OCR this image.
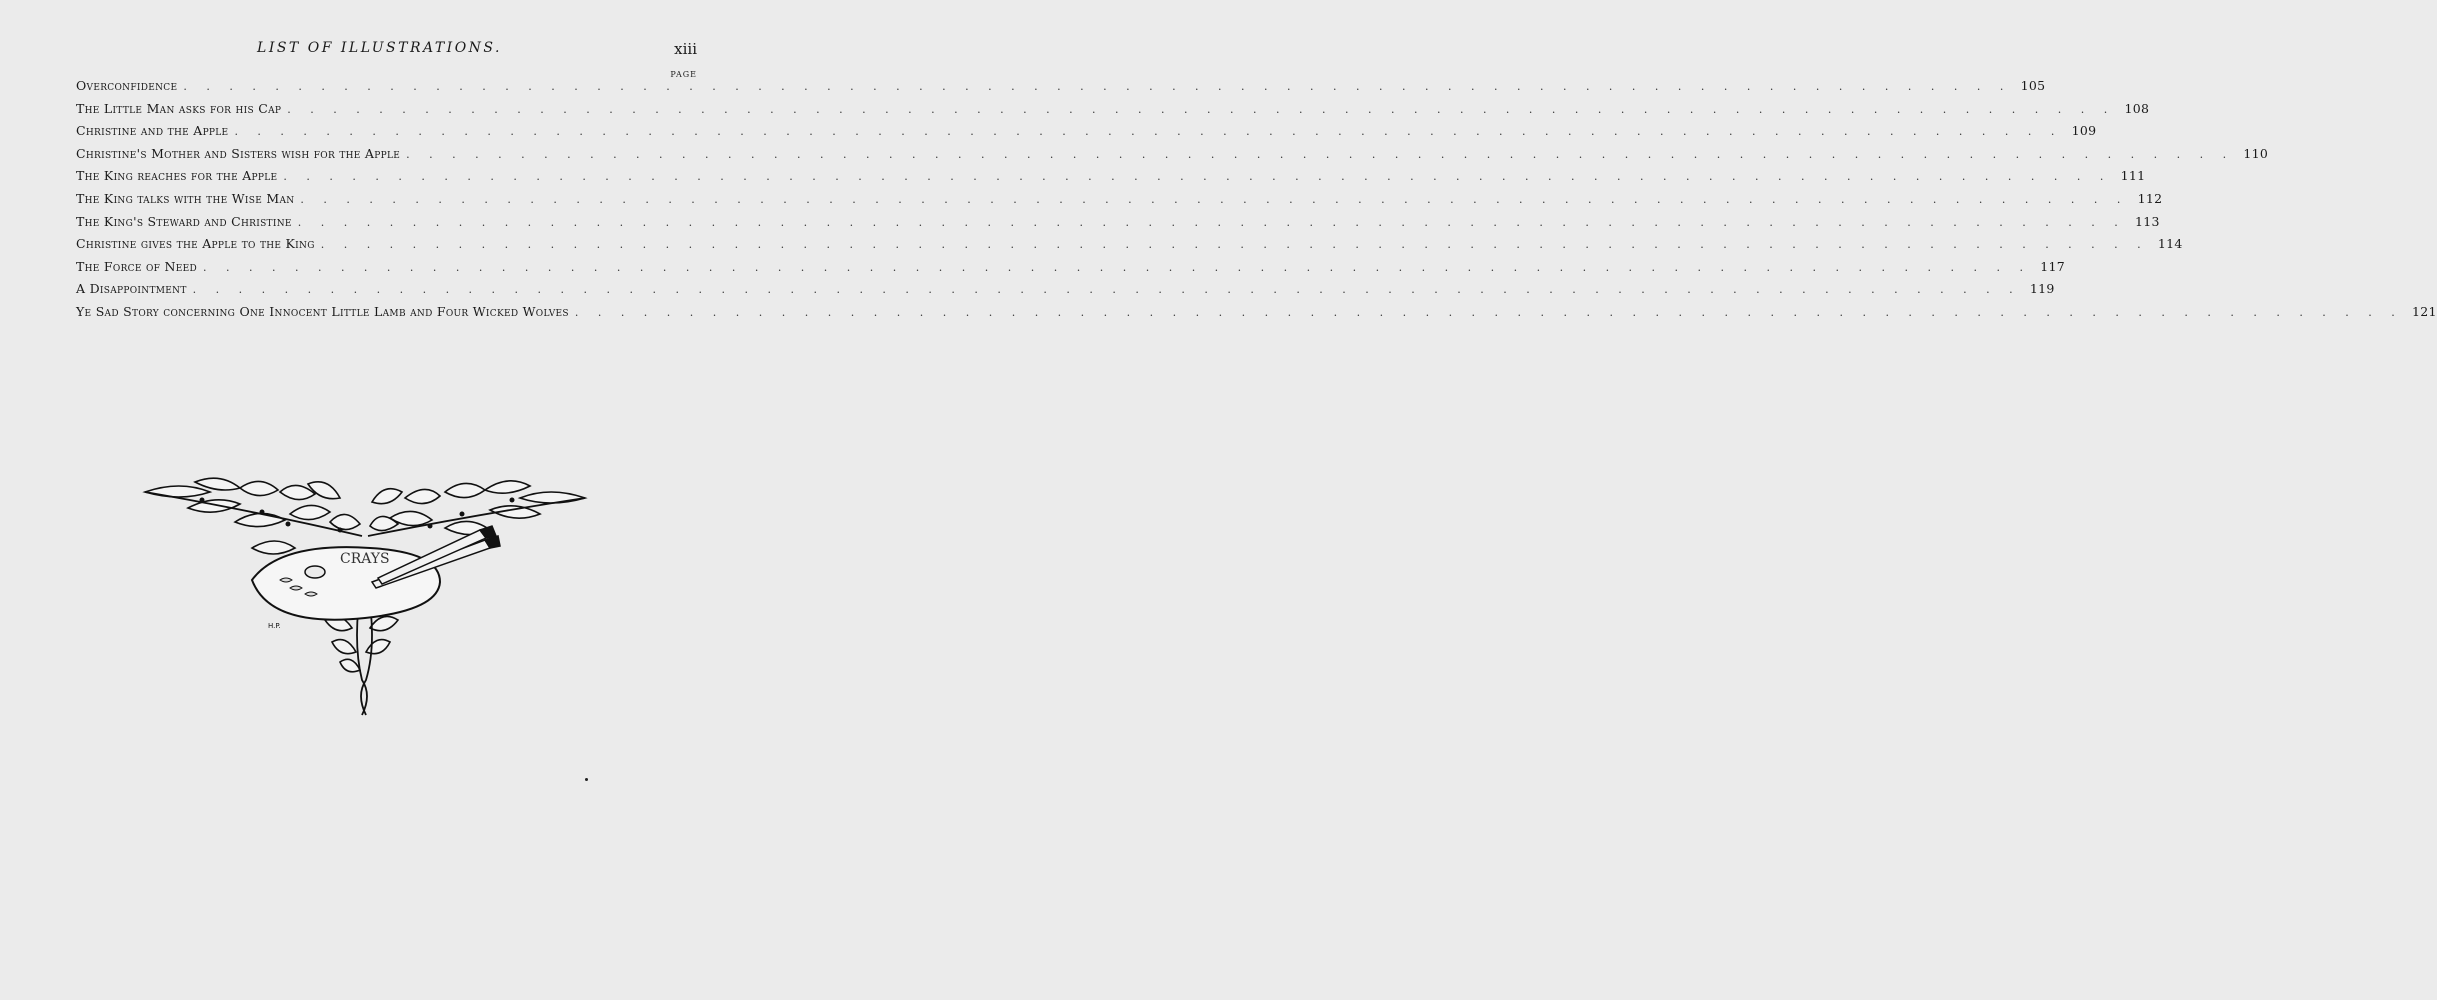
LIST OF ILLUSTRATIONS.	xiii
PAGE
Overconfidence . . . . . . . . . . . . . . . . . . . . . . . . . . . . . . . . . . . . . . . . . . . . . . . . . . . . . . . . . . . . . . . . . . . . . . . . . . . . . . . . 105
The Little Man asks for his Cap . . . . . . . . . . . . . . . . . . . . . . . . . . . . . . . . . . . . . . . . . . . . . . . . . . . . . . . . . . . . . . . . . . . . . . . . . . . . . . . . 108
Christine and the Apple . . . . . . . . . . . . . . . . . . . . . . . . . . . . . . . . . . . . . . . . . . . . . . . . . . . . . . . . . . . . . . . . . . . . . . . . . . . . . . . . 109
Christine's Mother and Sisters wish for the Apple . . . . . . . . . . . . . . . . . . . . . . . . . . . . . . . . . . . . . . . . . . . . . . . . . . . . . . . . . . . . . . . . . . . . . . . . . . . . . . . . 110
The King reaches for the Apple . . . . . . . . . . . . . . . . . . . . . . . . . . . . . . . . . . . . . . . . . . . . . . . . . . . . . . . . . . . . . . . . . . . . . . . . . . . . . . . . 111
The King talks with the Wise Man . . . . . . . . . . . . . . . . . . . . . . . . . . . . . . . . . . . . . . . . . . . . . . . . . . . . . . . . . . . . . . . . . . . . . . . . . . . . . . . . 112
The King's Steward and Christine . . . . . . . . . . . . . . . . . . . . . . . . . . . . . . . . . . . . . . . . . . . . . . . . . . . . . . . . . . . . . . . . . . . . . . . . . . . . . . . . 113
Christine gives the Apple to the King . . . . . . . . . . . . . . . . . . . . . . . . . . . . . . . . . . . . . . . . . . . . . . . . . . . . . . . . . . . . . . . . . . . . . . . . . . . . . . . . 114
The Force of Need . . . . . . . . . . . . . . . . . . . . . . . . . . . . . . . . . . . . . . . . . . . . . . . . . . . . . . . . . . . . . . . . . . . . . . . . . . . . . . . . 117
A Disappointment . . . . . . . . . . . . . . . . . . . . . . . . . . . . . . . . . . . . . . . . . . . . . . . . . . . . . . . . . . . . . . . . . . . . . . . . . . . . . . . . 119
Ye Sad Story concerning One Innocent Little Lamb and Four Wicked Wolves . . . . . . . . . . . . . . . . . . . . . . . . . . . . . . . . . . . . . . . . . . . . . . . . . . . . . . . . . . . . . . . . . . . . . . . . . . . . . . . . 121
CRAYS
H.P.
